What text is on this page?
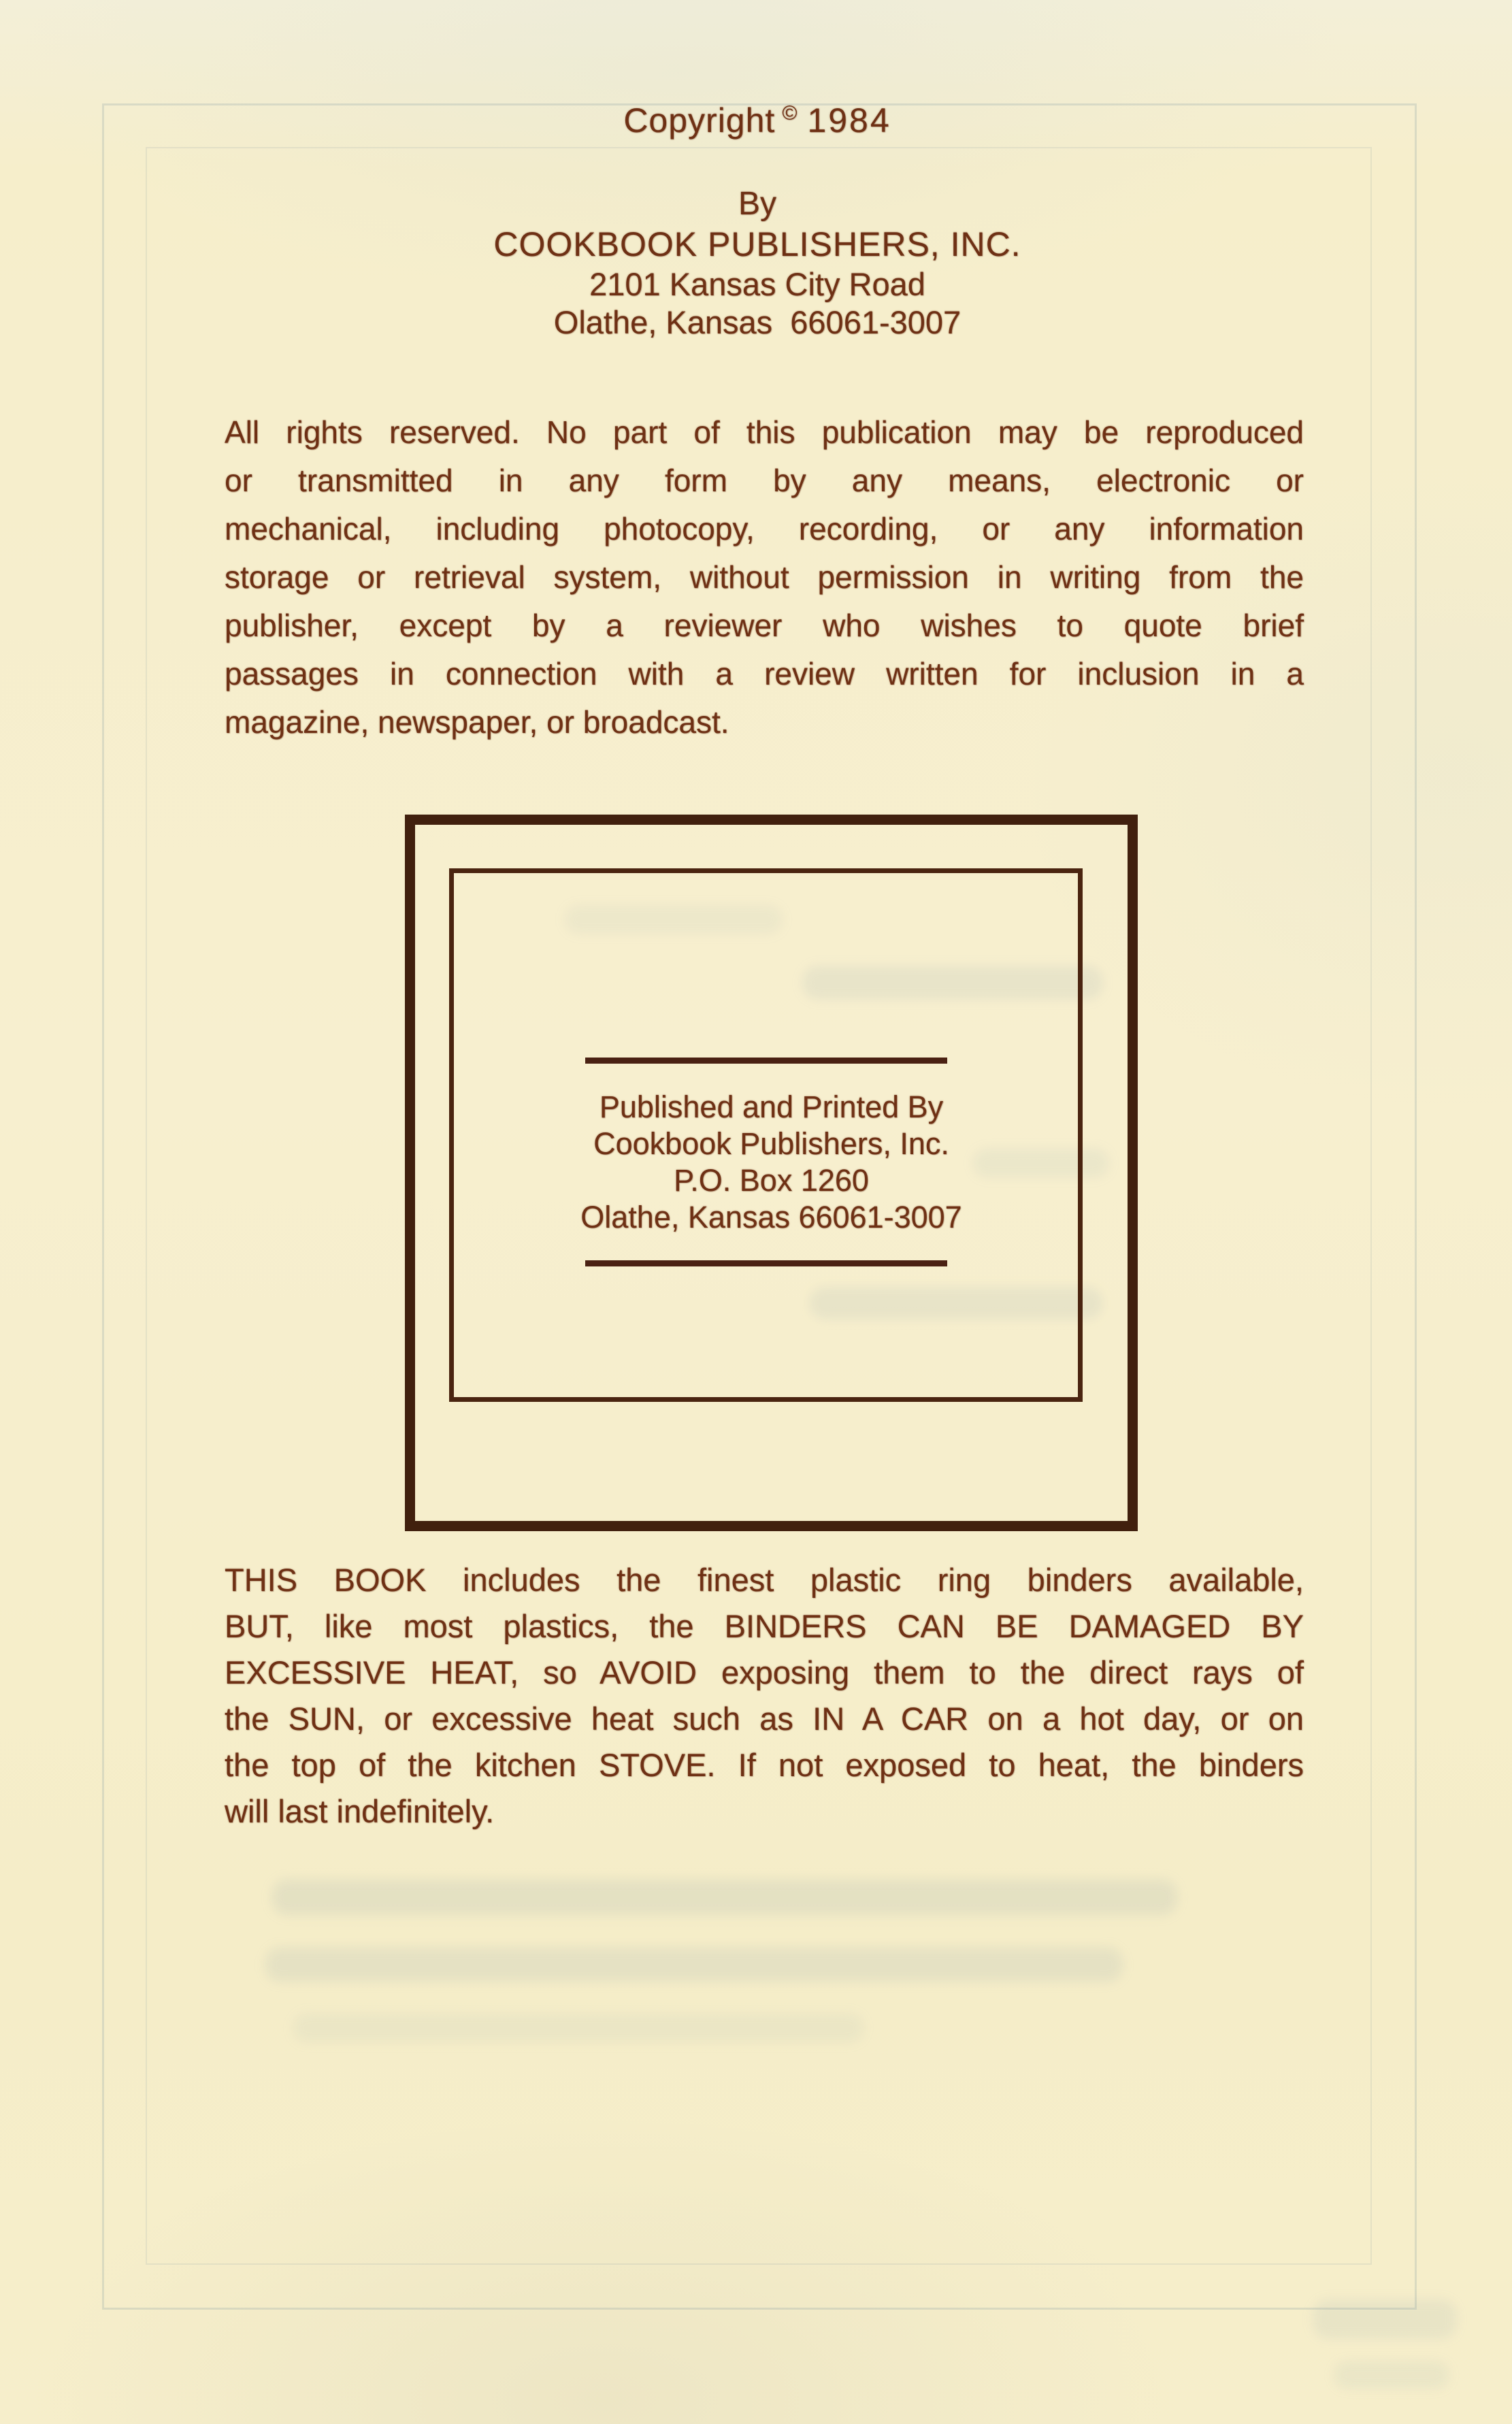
Copyright © 1984
By
COOKBOOK PUBLISHERS, INC.
2101 Kansas City Road
Olathe, Kansas  66061-3007
All rights reserved. No part of this publication may be reproduced
or transmitted in any form by any means, electronic or
mechanical, including photocopy, recording, or any information
storage or retrieval system, without permission in writing from the
publisher, except by a reviewer who wishes to quote brief
passages in connection with a review written for inclusion in a
magazine, newspaper, or broadcast.
Published and Printed By
Cookbook Publishers, Inc.
P.O. Box 1260
Olathe, Kansas 66061-3007
THIS BOOK includes the finest plastic ring binders available,
BUT, like most plastics, the BINDERS CAN BE DAMAGED BY
EXCESSIVE HEAT, so AVOID exposing them to the direct rays of
the SUN, or excessive heat such as IN A CAR on a hot day, or on
the top of the kitchen STOVE. If not exposed to heat, the binders
will last indefinitely.
